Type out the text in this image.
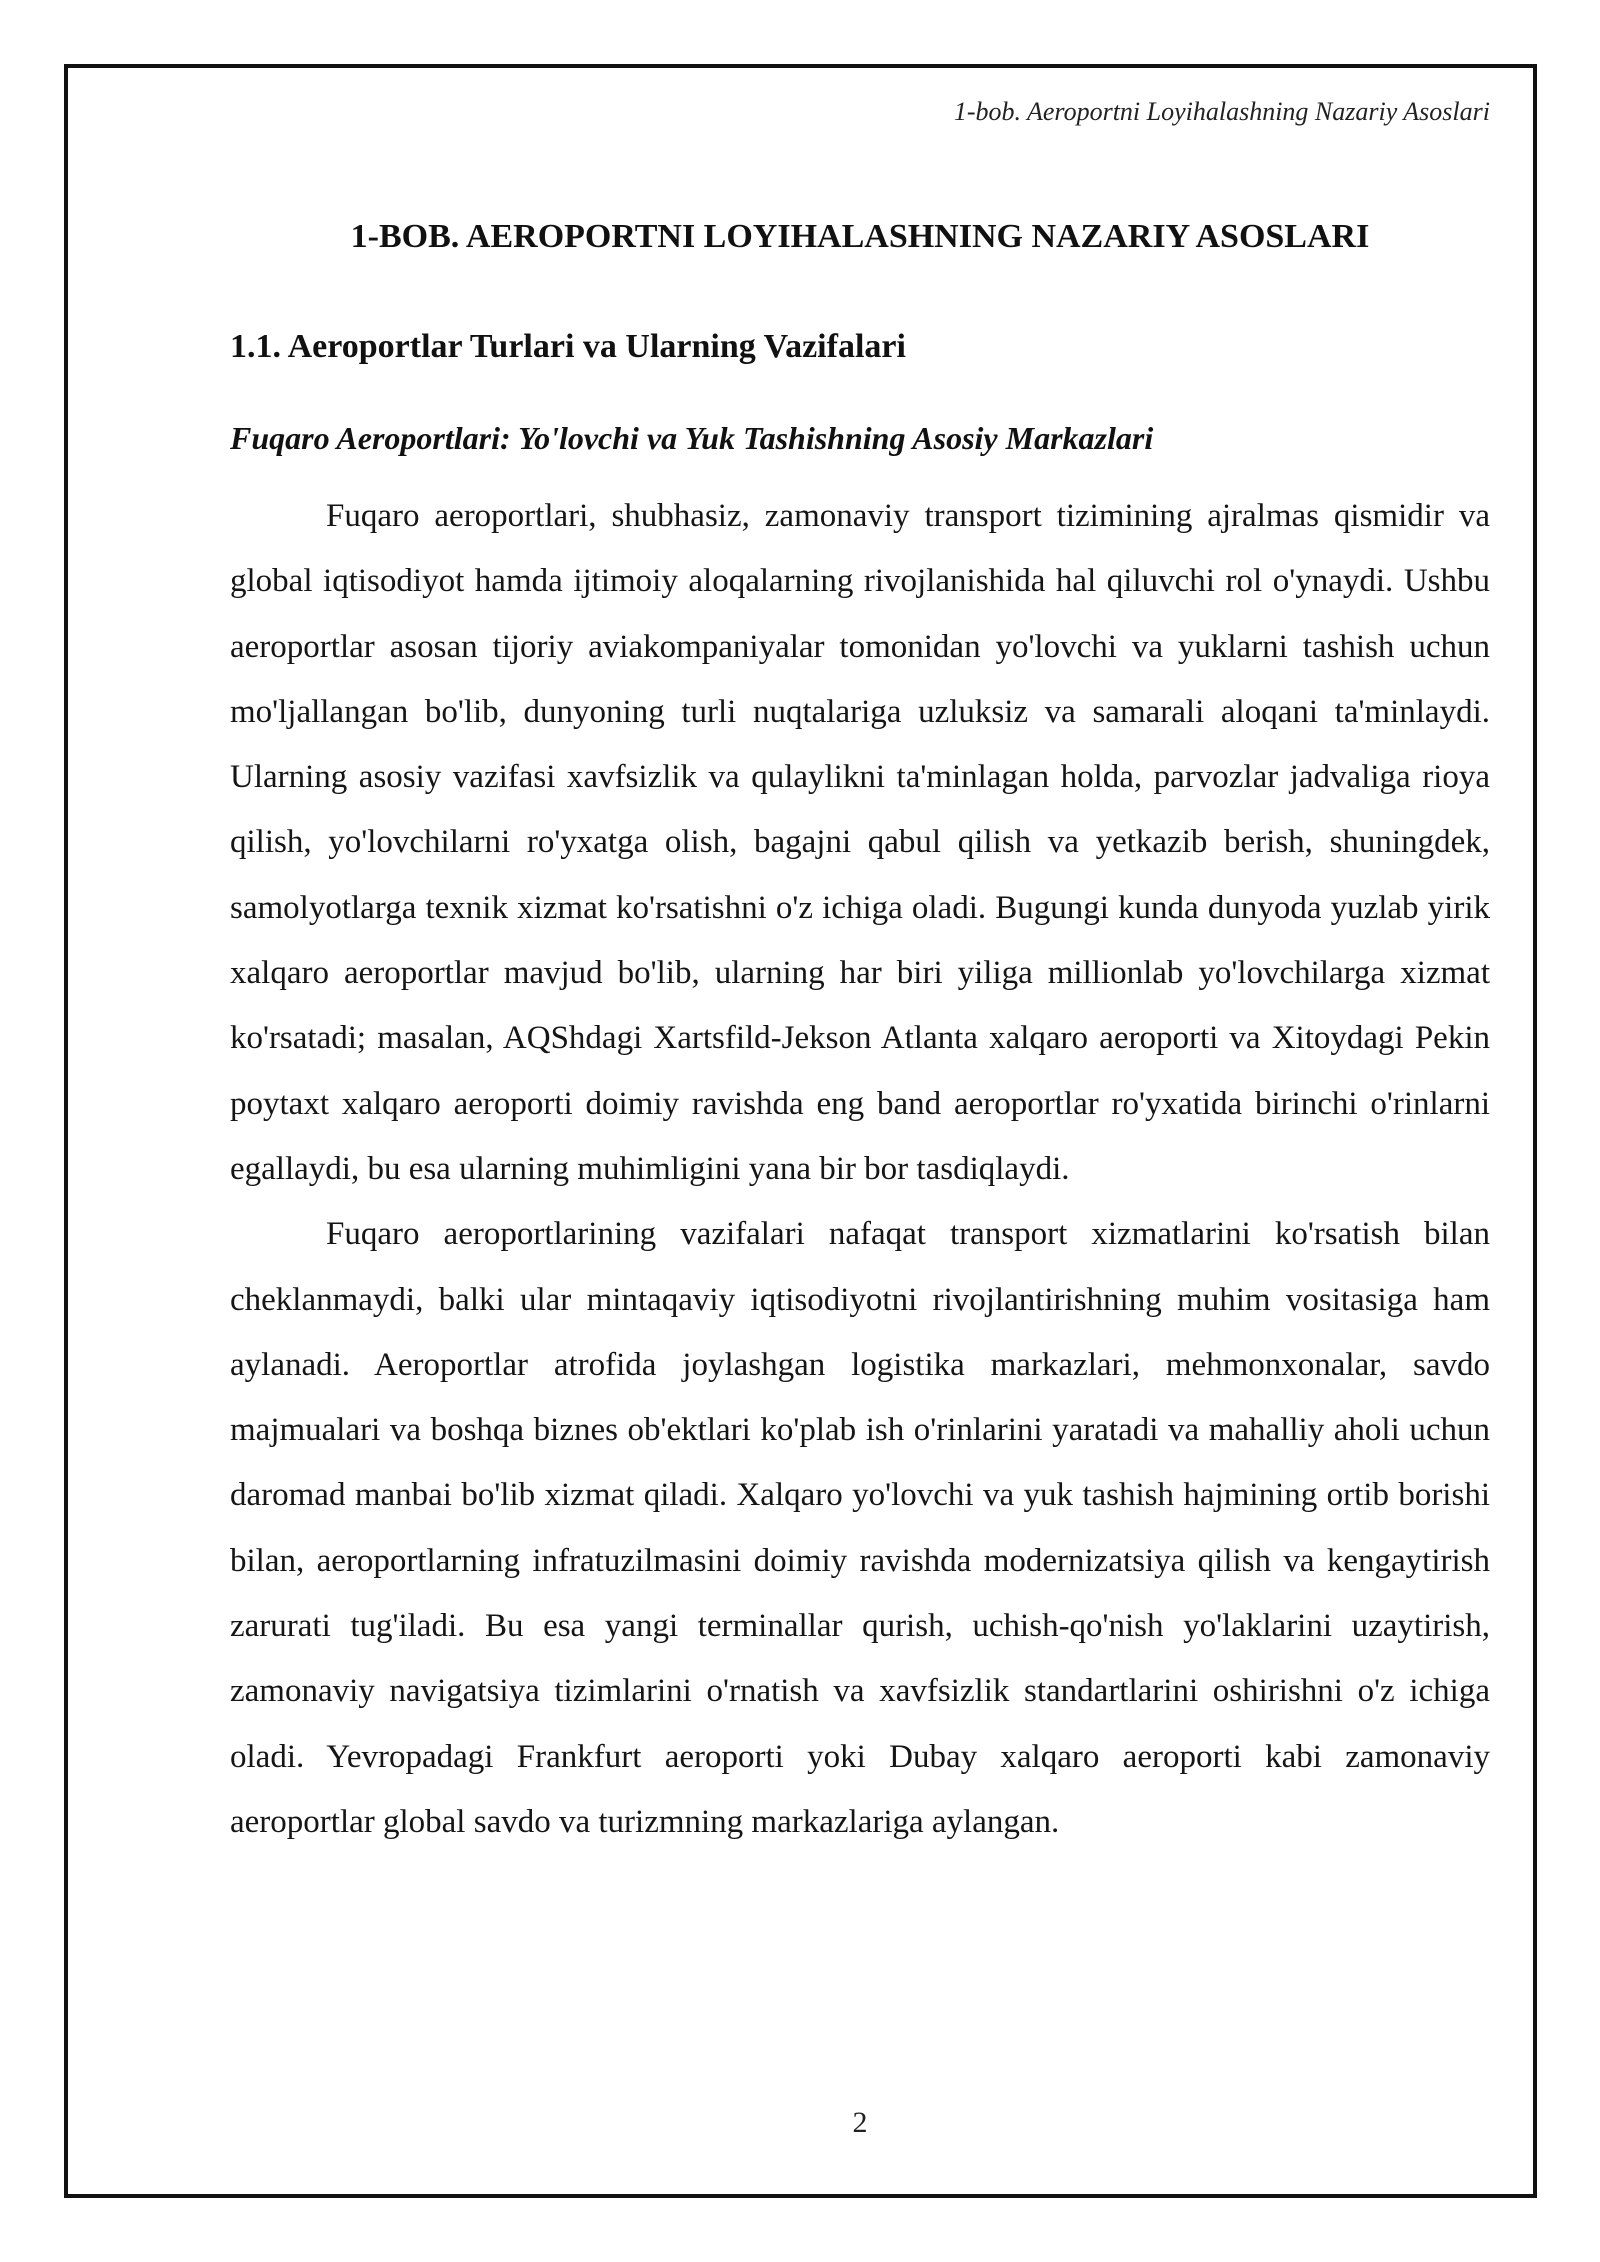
1-bob. Aeroportni Loyihalashning Nazariy Asoslari
1-BOB. AEROPORTNI LOYIHALASHNING NAZARIY ASOSLARI
1.1. Aeroportlar Turlari va Ularning Vazifalari
Fuqaro Aeroportlari: Yo'lovchi va Yuk Tashishning Asosiy Markazlari

Fuqaro aeroportlari, shubhasiz, zamonaviy transport tizimining ajralmas qismidir va global iqtisodiyot hamda ijtimoiy aloqalarning rivojlanishida hal qiluvchi rol o'ynaydi. Ushbu aeroportlar asosan tijoriy aviakompaniyalar tomonidan yo'lovchi va yuklarni tashish uchun mo'ljallangan bo'lib, dunyoning turli nuqtalariga uzluksiz va samarali aloqani ta'minlaydi. Ularning asosiy vazifasi xavfsizlik va qulaylikni ta'minlagan holda, parvozlar jadvaliga rioya qilish, yo'lovchilarni ro'yxatga olish, bagajni qabul qilish va yetkazib berish, shuningdek, samolyotlarga texnik xizmat ko'rsatishni o'z ichiga oladi. Bugungi kunda dunyoda yuzlab yirik xalqaro aeroportlar mavjud bo'lib, ularning har biri yiliga millionlab yo'lovchilarga xizmat ko'rsatadi; masalan, AQShdagi Xartsfild-Jekson Atlanta xalqaro aeroporti va Xitoydagi Pekin poytaxt xalqaro aeroporti doimiy ravishda eng band aeroportlar ro'yxatida birinchi o'rinlarni egallaydi, bu esa ularning muhimligini yana bir bor tasdiqlaydi.

Fuqaro aeroportlarining vazifalari nafaqat transport xizmatlarini ko'rsatish bilan cheklanmaydi, balki ular mintaqaviy iqtisodiyotni rivojlantirishning muhim vositasiga ham aylanadi. Aeroportlar atrofida joylashgan logistika markazlari, mehmonxonalar, savdo majmualari va boshqa biznes ob'ektlari ko'plab ish o'rinlarini yaratadi va mahalliy aholi uchun daromad manbai bo'lib xizmat qiladi. Xalqaro yo'lovchi va yuk tashish hajmining ortib borishi bilan, aeroportlarning infratuzilmasini doimiy ravishda modernizatsiya qilish va kengaytirish zarurati tug'iladi. Bu esa yangi terminallar qurish, uchish-qo'nish yo'laklarini uzaytirish, zamonaviy navigatsiya tizimlarini o'rnatish va xavfsizlik standartlarini oshirishni o'z ichiga oladi. Yevropadagi Frankfurt aeroporti yoki Dubay xalqaro aeroporti kabi zamonaviy aeroportlar global savdo va turizmning markazlariga aylangan.

2
